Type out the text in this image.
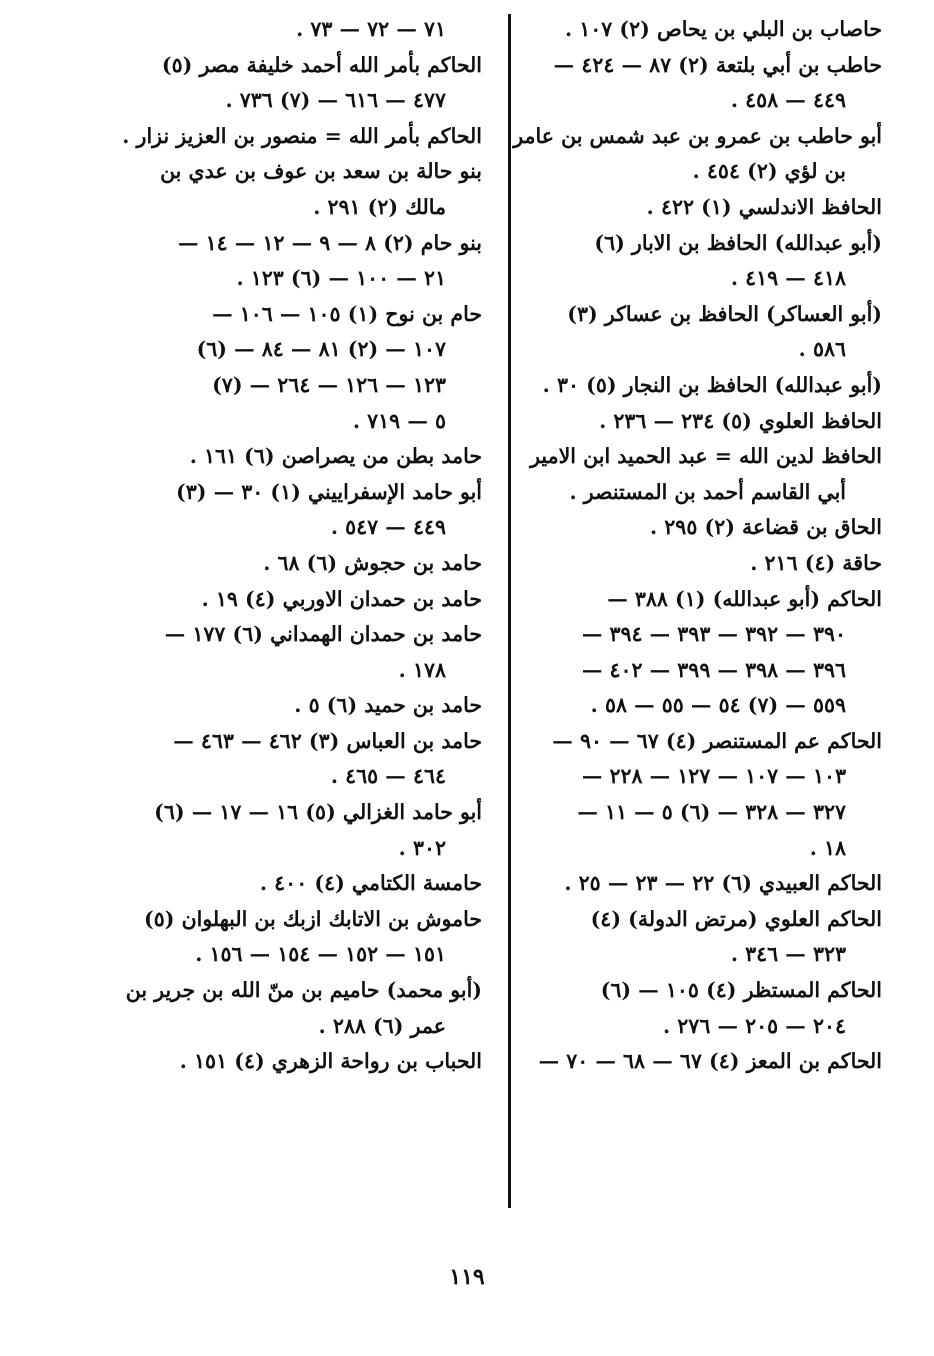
حاصاب بن البلي بن يحاص (٢) ١٠٧ .
حاطب بن أبي بلتعة (٢) ٨٧ — ٤٢٤ —
٤٤٩ — ٤٥٨ .
أبو حاطب بن عمرو بن عبد شمس بن عامر
بن لؤي (٢) ٤٥٤ .
الحافظ الاندلسي (١) ٤٢٢ .
(أبو عبدالله) الحافظ بن الابار (٦)
٤١٨ — ٤١٩ .
(أبو العساكر) الحافظ بن عساكر (٣)
٥٨٦ .
(أبو عبدالله) الحافظ بن النجار (٥) ٣٠ .
الحافظ العلوي (٥) ٢٣٤ — ٢٣٦ .
الحافظ لدين الله = عبد الحميد ابن الامير
أبي القاسم أحمد بن المستنصر .
الحاق بن قضاعة (٢) ٢٩٥ .
حاقة (٤) ٢١٦ .
الحاكم (أبو عبدالله) (١) ٣٨٨ —
٣٩٠ — ٣٩٢ — ٣٩٣ — ٣٩٤ —
٣٩٦ — ٣٩٨ — ٣٩٩ — ٤٠٢ —
٥٥٩ — (٧) ٥٤ — ٥٥ — ٥٨ .
الحاكم عم المستنصر (٤) ٦٧ — ٩٠ —
١٠٣ — ١٠٧ — ١٢٧ — ٢٢٨ —
٣٢٧ — ٣٢٨ — (٦) ٥ — ١١ —
١٨ .
الحاكم العبيدي (٦) ٢٢ — ٢٣ — ٢٥ .
الحاكم العلوي (مرتض الدولة) (٤)
٣٢٣ — ٣٤٦ .
الحاكم المستظر (٤) ١٠٥ — (٦)
٢٠٤ — ٢٠٥ — ٢٧٦ .
الحاكم بن المعز (٤) ٦٧ — ٦٨ — ٧٠ —
٧١ — ٧٢ — ٧٣ .
الحاكم بأمر الله أحمد خليفة مصر (٥)
٤٧٧ — ٦١٦ — (٧) ٧٣٦ .
الحاكم بأمر الله = منصور بن العزيز نزار .
بنو حالة بن سعد بن عوف بن عدي بن
مالك (٢) ٢٩١ .
بنو حام (٢) ٨ — ٩ — ١٢ — ١٤ —
٢١ — ١٠٠ — (٦) ١٢٣ .
حام بن نوح (١) ١٠٥ — ١٠٦ —
١٠٧ — (٢) ٨١ — ٨٤ — (٦)
١٢٣ — ١٢٦ — ٢٦٤ — (٧)
٥ — ٧١٩ .
حامد بطن من يصراصن (٦) ١٦١ .
أبو حامد الإسفراييني (١) ٣٠ — (٣)
٤٤٩ — ٥٤٧ .
حامد بن حجوش (٦) ٦٨ .
حامد بن حمدان الاوربي (٤) ١٩ .
حامد بن حمدان الهمداني (٦) ١٧٧ —
١٧٨ .
حامد بن حميد (٦) ٥ .
حامد بن العباس (٣) ٤٦٢ — ٤٦٣ —
٤٦٤ — ٤٦٥ .
أبو حامد الغزالي (٥) ١٦ — ١٧ — (٦)
٣٠٢ .
حامسة الكتامي (٤) ٤٠٠ .
حاموش بن الاتابك ازبك بن البهلوان (٥)
١٥١ — ١٥٢ — ١٥٤ — ١٥٦ .
(أبو محمد) حاميم بن منّ الله بن جرير بن
عمر (٦) ٢٨٨ .
الحباب بن رواحة الزهري (٤) ١٥١ .
١١٩
